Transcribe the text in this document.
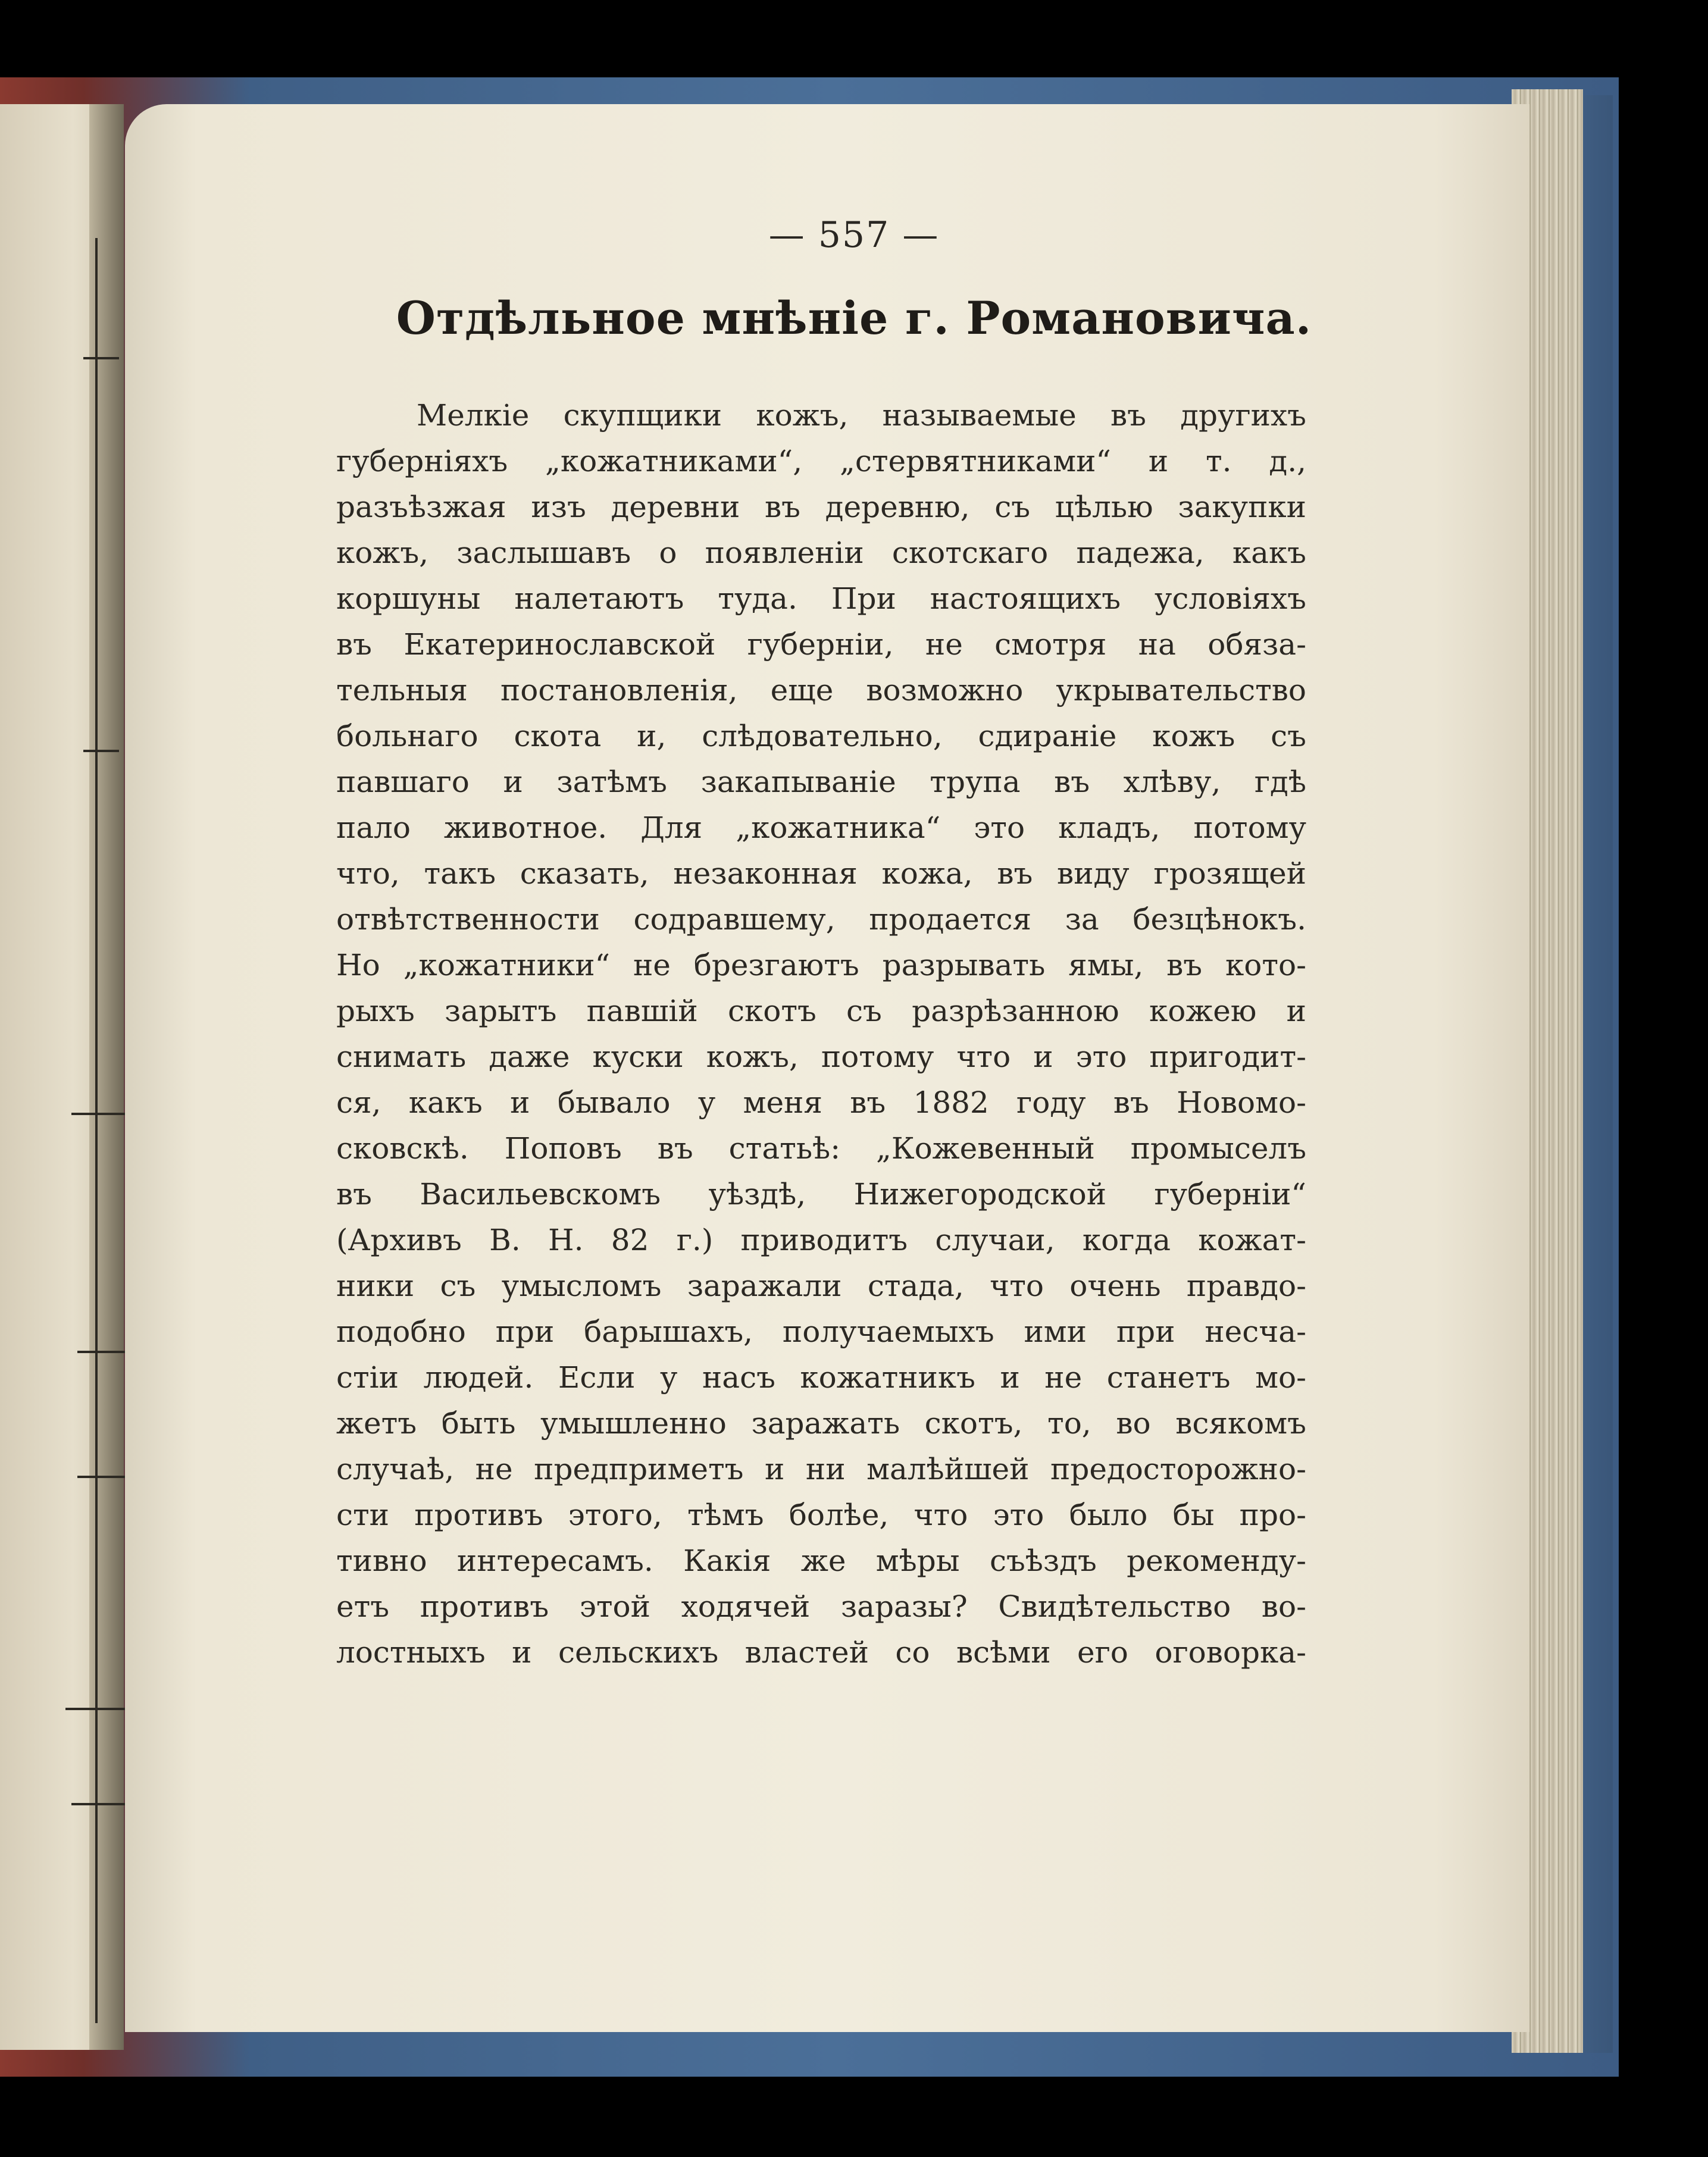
— 557 —
Отдѣльное мнѣніе г. Романовича.
Мелкіе скупщики кожъ, называемые въ другихъ
губерніяхъ „кожатниками“, „стервятниками“ и т. д.,
разъѣзжая изъ деревни въ деревню, съ цѣлью закупки
кожъ, заслышавъ о появленіи скотскаго падежа, какъ
коршуны налетаютъ туда. При настоящихъ условіяхъ
въ Екатеринославской губерніи, не смотря на обяза-
тельныя постановленія, еще возможно укрывательство
больнаго скота и, слѣдовательно, сдираніе кожъ съ
павшаго и затѣмъ закапываніе трупа въ хлѣву, гдѣ
пало животное. Для „кожатника“ это кладъ, потому
что, такъ сказать, незаконная кожа, въ виду грозящей
отвѣтственности содравшему, продается за безцѣнокъ.
Но „кожатники“ не брезгаютъ разрывать ямы, въ кото-
рыхъ зарытъ павшій скотъ съ разрѣзанною кожею и
снимать даже куски кожъ, потому что и это пригодит-
ся, какъ и бывало у меня въ 1882 году въ Новомо-
сковскѣ. Поповъ въ статьѣ: „Кожевенный промыселъ
въ Васильевскомъ уѣздѣ, Нижегородской губерніи“
(Архивъ В. Н. 82 г.) приводитъ случаи, когда кожат-
ники съ умысломъ заражали стада, что очень правдо-
подобно при барышахъ, получаемыхъ ими при несча-
стіи людей. Если у насъ кожатникъ и не станетъ мо-
жетъ быть умышленно заражать скотъ, то, во всякомъ
случаѣ, не предприметъ и ни малѣйшей предосторожно-
сти противъ этого, тѣмъ болѣе, что это было бы про-
тивно интересамъ. Какія же мѣры съѣздъ рекоменду-
етъ противъ этой ходячей заразы? Свидѣтельство во-
лостныхъ и сельскихъ властей со всѣми его оговорка-
